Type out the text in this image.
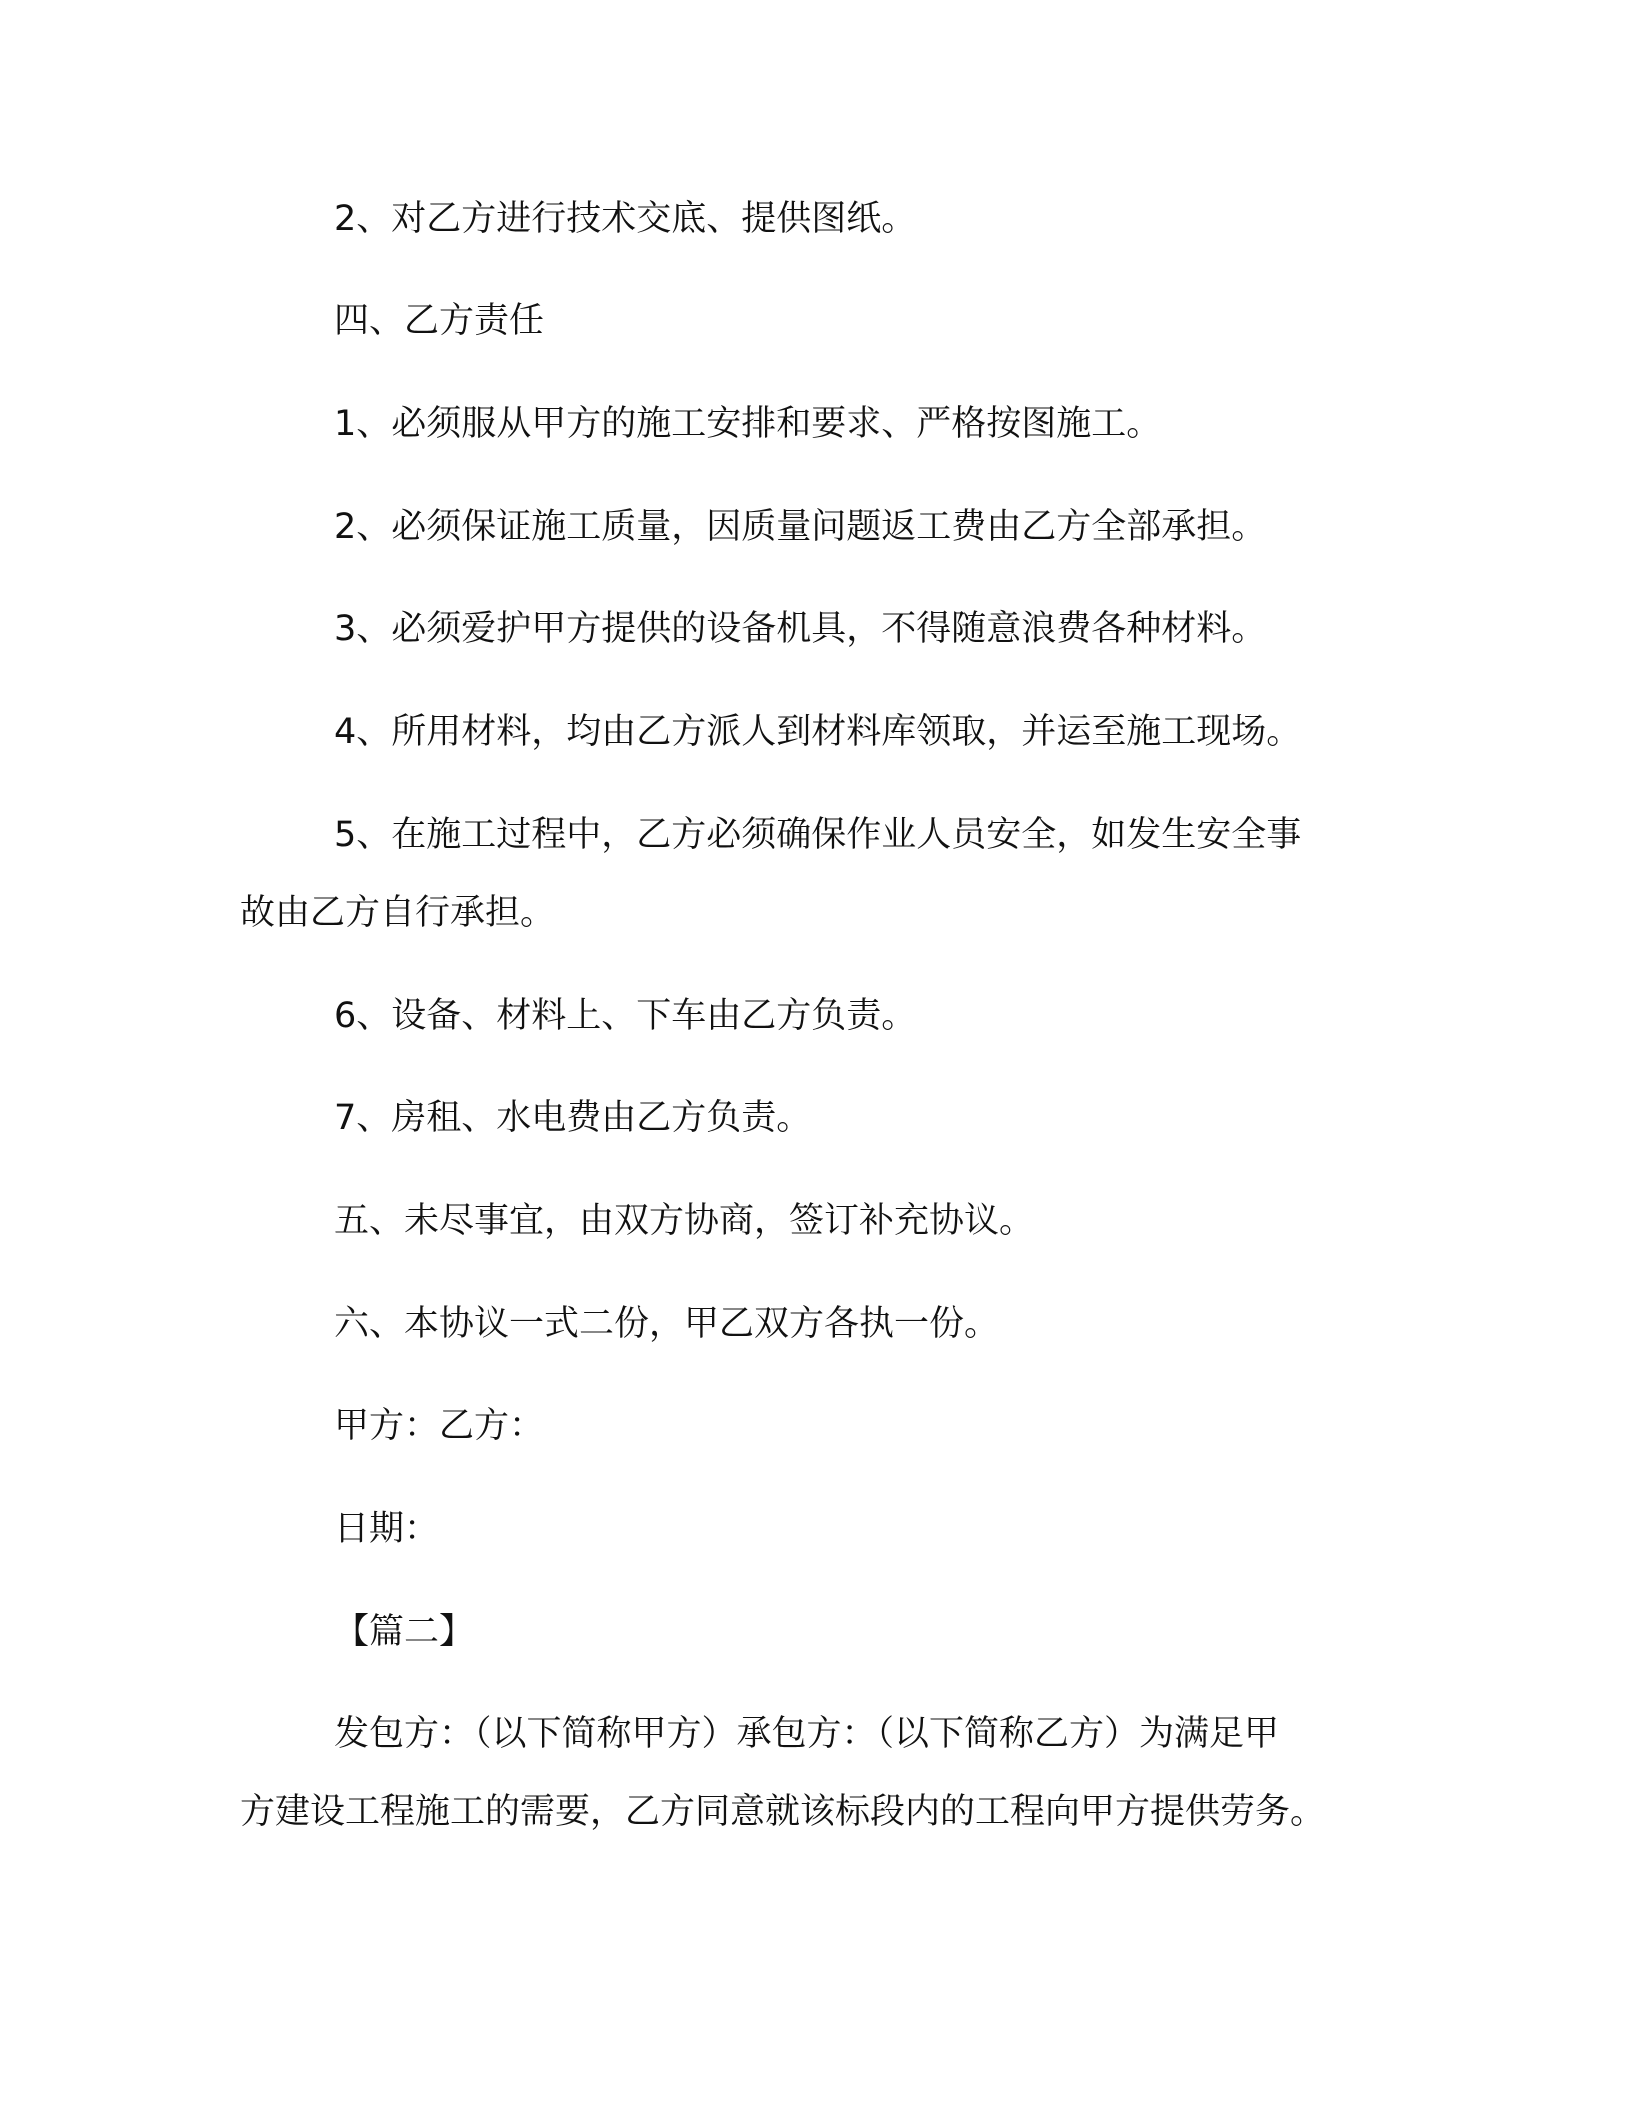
2、对乙方进行技术交底、提供图纸。
四、乙方责任
1、必须服从甲方的施工安排和要求、严格按图施工。
2、必须保证施工质量，因质量问题返工费由乙方全部承担。
3、必须爱护甲方提供的设备机具，不得随意浪费各种材料。
4、所用材料，均由乙方派人到材料库领取，并运至施工现场。
5、在施工过程中，乙方必须确保作业人员安全，如发生安全事
故由乙方自行承担。
6、设备、材料上、下车由乙方负责。
7、房租、水电费由乙方负责。
五、未尽事宜，由双方协商，签订补充协议。
六、本协议一式二份，甲乙双方各执一份。
甲方：乙方：
日期：
【篇二】
发包方：（以下简称甲方）承包方：（以下简称乙方）为满足甲
方建设工程施工的需要，乙方同意就该标段内的工程向甲方提供劳务。
